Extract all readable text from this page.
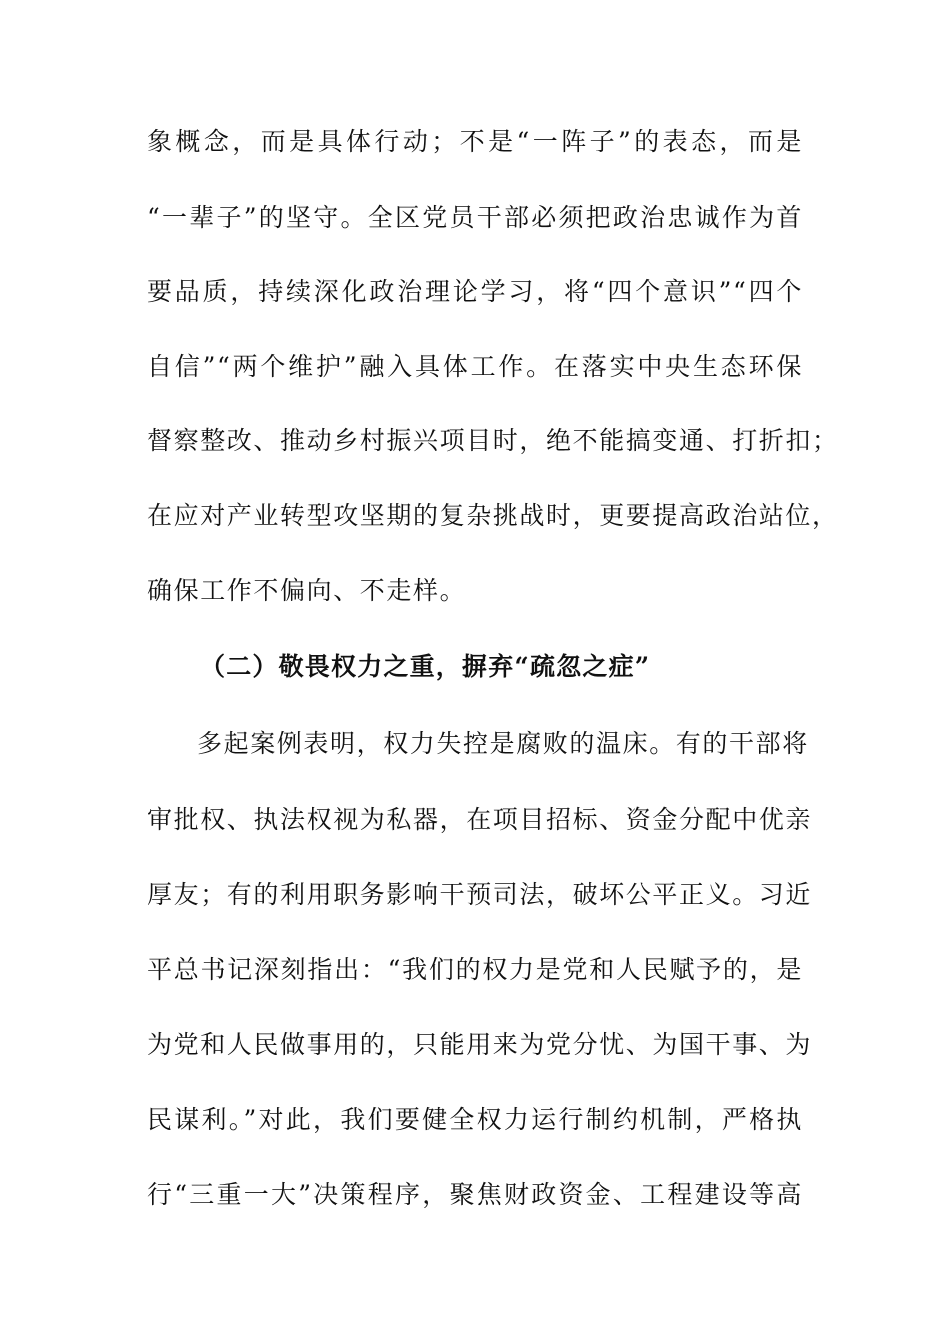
象概念，而是具体行动；不是“一阵子”的表态，而是
“一辈子”的坚守。全区党员干部必须把政治忠诚作为首
要品质，持续深化政治理论学习，将“四个意识”“四个
自信”“两个维护”融入具体工作。在落实中央生态环保
督察整改、推动乡村振兴项目时，绝不能搞变通、打折扣；
在应对产业转型攻坚期的复杂挑战时，更要提高政治站位，
确保工作不偏向、不走样。
（二）敬畏权力之重，摒弃“疏忽之症”
多起案例表明，权力失控是腐败的温床。有的干部将
审批权、执法权视为私器，在项目招标、资金分配中优亲
厚友；有的利用职务影响干预司法，破坏公平正义。习近
平总书记深刻指出：“我们的权力是党和人民赋予的，是
为党和人民做事用的，只能用来为党分忧、为国干事、为
民谋利。”对此，我们要健全权力运行制约机制，严格执
行“三重一大”决策程序，聚焦财政资金、工程建设等高
